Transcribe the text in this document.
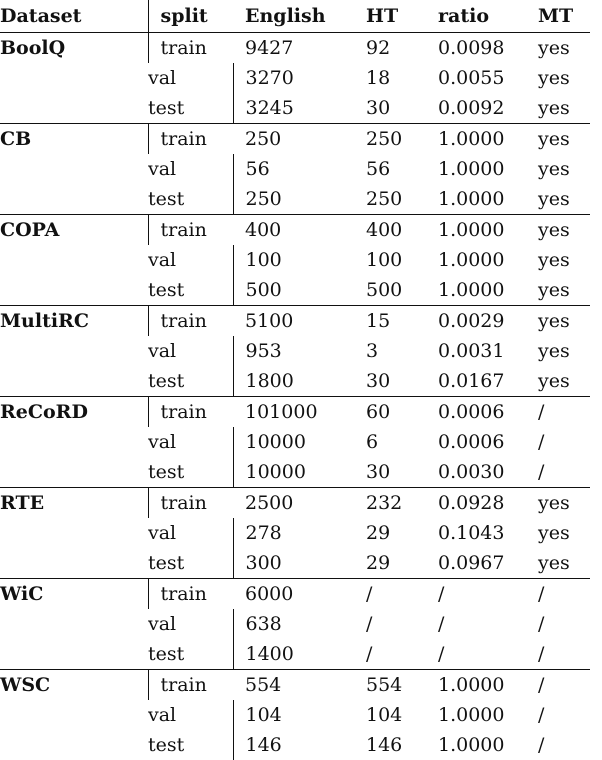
Dataset	split	English	HT	ratio	MT
BoolQ	train	9427	92	0.0098	yes
	val	3270	18	0.0055	yes
	test	3245	30	0.0092	yes
CB	train	250	250	1.0000	yes
	val	56	56	1.0000	yes
	test	250	250	1.0000	yes
COPA	train	400	400	1.0000	yes
	val	100	100	1.0000	yes
	test	500	500	1.0000	yes
MultiRC	train	5100	15	0.0029	yes
	val	953	3	0.0031	yes
	test	1800	30	0.0167	yes
ReCoRD	train	101000	60	0.0006	/
	val	10000	6	0.0006	/
	test	10000	30	0.0030	/
RTE	train	2500	232	0.0928	yes
	val	278	29	0.1043	yes
	test	300	29	0.0967	yes
WiC	train	6000	/	/	/
	val	638	/	/	/
	test	1400	/	/	/
WSC	train	554	554	1.0000	/
	val	104	104	1.0000	/
	test	146	146	1.0000	/
